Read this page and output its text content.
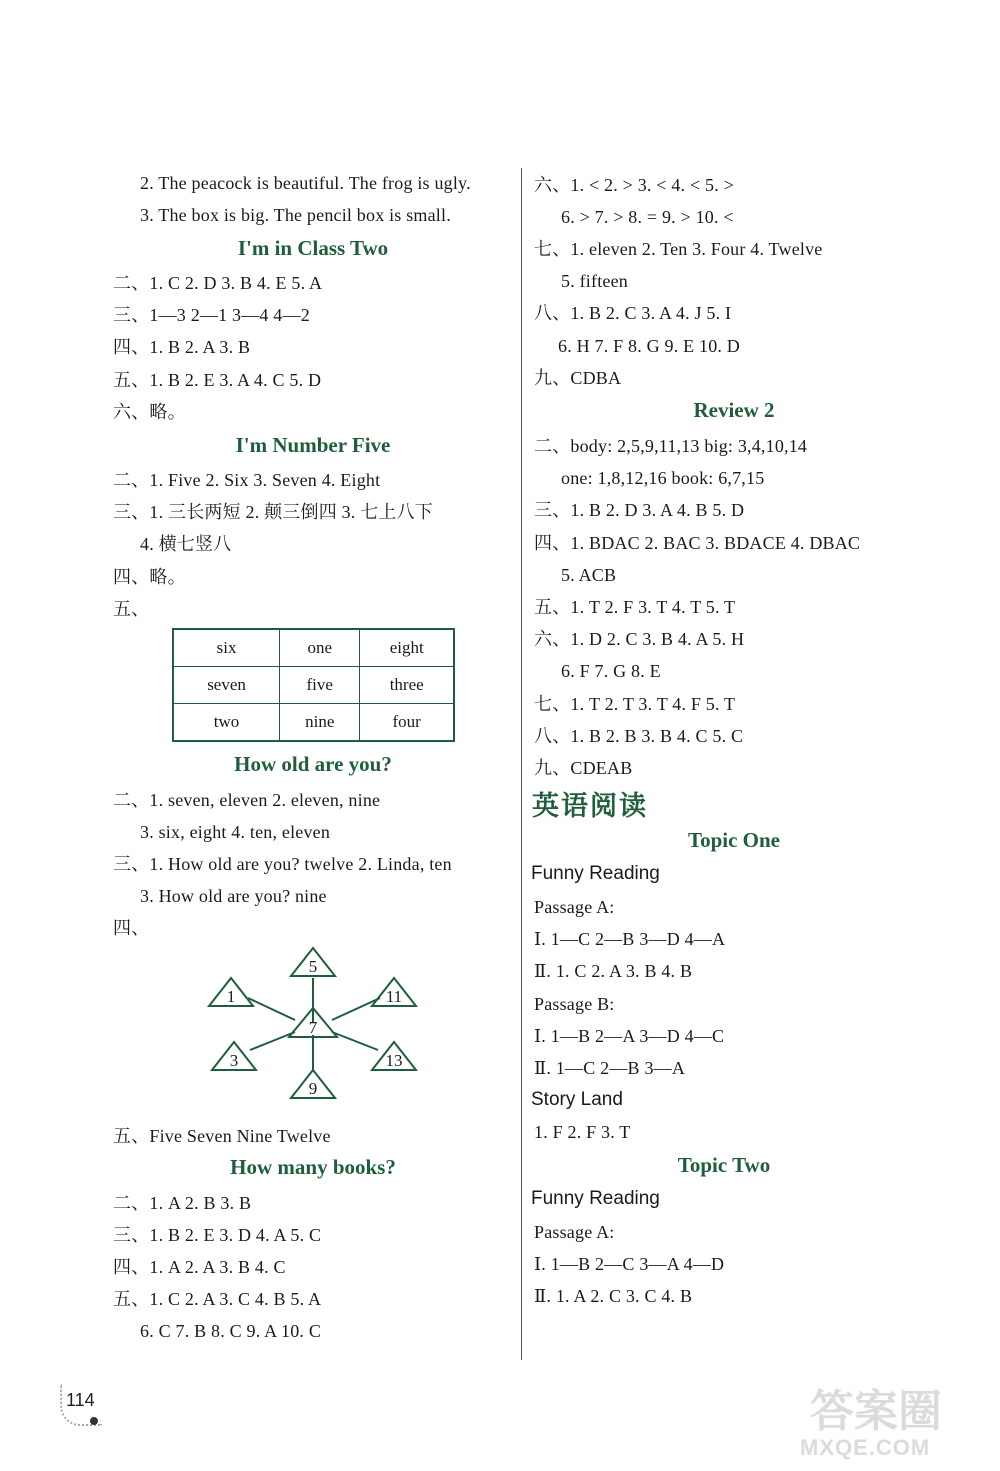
2. The peacock is beautiful. The frog is ugly.
3. The box is big. The pencil box is small.
I'm in Class Two
二、1. C 2. D 3. B 4. E 5. A
三、1—3 2—1 3—4 4—2
四、1. B 2. A 3. B
五、1. B 2. E 3. A 4. C 5. D
六、略。
I'm Number Five
二、1. Five 2. Six 3. Seven 4. Eight
三、1. 三长两短 2. 颠三倒四 3. 七上八下
4. 横七竖八
四、略。
五、
six	one	eight
seven	five	three
two	nine	four
How old are you?
二、1. seven, eleven 2. eleven, nine
3. six, eight 4. ten, eleven
三、1. How old are you? twelve 2. Linda, ten
3. How old are you? nine
四、
5
1	11
7
3	13
9
五、Five Seven Nine Twelve
How many books?
二、1. A 2. B 3. B
三、1. B 2. E 3. D 4. A 5. C
四、1. A 2. A 3. B 4. C
五、1. C 2. A 3. C 4. B 5. A
6. C 7. B 8. C 9. A 10. C
六、1. < 2. > 3. < 4. < 5. >
6. > 7. > 8. = 9. > 10. <
七、1. eleven 2. Ten 3. Four 4. Twelve
5. fifteen
八、1. B 2. C 3. A 4. J 5. I
6. H 7. F 8. G 9. E 10. D
九、CDBA
Review 2
二、body: 2,5,9,11,13 big: 3,4,10,14
one: 1,8,12,16 book: 6,7,15
三、1. B 2. D 3. A 4. B 5. D
四、1. BDAC 2. BAC 3. BDACE 4. DBAC
5. ACB
五、1. T 2. F 3. T 4. T 5. T
六、1. D 2. C 3. B 4. A 5. H
6. F 7. G 8. E
七、1. T 2. T 3. T 4. F 5. T
八、1. B 2. B 3. B 4. C 5. C
九、CDEAB
英语阅读
Topic One
Funny Reading
Passage A:
Ⅰ. 1—C 2—B 3—D 4—A
Ⅱ. 1. C 2. A 3. B 4. B
Passage B:
Ⅰ. 1—B 2—A 3—D 4—C
Ⅱ. 1—C 2—B 3—A
Story Land
1. F 2. F 3. T
Topic Two
Funny Reading
Passage A:
Ⅰ. 1—B 2—C 3—A 4—D
Ⅱ. 1. A 2. C 3. C 4. B
114	答案圈
MXQE.COM
